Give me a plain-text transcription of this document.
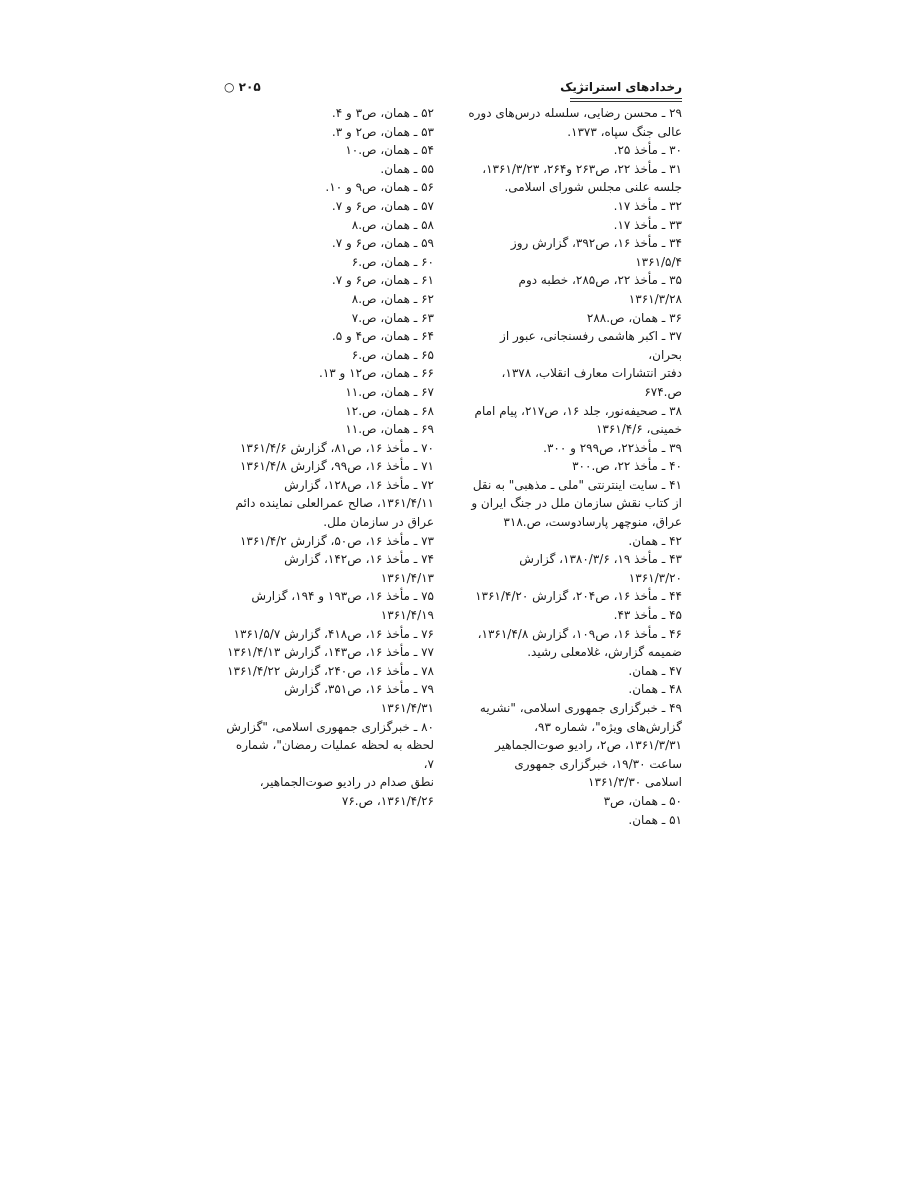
رخدادهای استراتژیک
۲۰۵ ○
۲۹ ـ محسن رضایی، سلسله درس‌های دوره
عالی جنگ سپاه، ۱۳۷۳.
۳۰ ـ مأخذ ۲۵.
۳۱ ـ مأخذ ۲۲، ص۲۶۳ و۲۶۴، ۱۳۶۱/۳/۲۳،
جلسه علنی مجلس شورای اسلامی.
۳۲ ـ مأخذ ۱۷.
۳۳ ـ مأخذ ۱۷.
۳۴ ـ مأخذ ۱۶، ص۳۹۲، گزارش روز ۱۳۶۱/۵/۴
۳۵ ـ مأخذ ۲۲، ص۲۸۵، خطبه دوم
۱۳۶۱/۳/۲۸
۳۶ ـ همان، ص.۲۸۸
۳۷ ـ اکبر هاشمی رفسنجانی، عبور از بحران،
دفتر انتشارات معارف انقلاب، ۱۳۷۸،
ص.۶۷۴
۳۸ ـ صحیفه‌نور، جلد ۱۶، ص۲۱۷، پیام امام
خمینی، ۱۳۶۱/۴/۶
۳۹ ـ مأخذ۲۲، ص۲۹۹ و ۳۰۰.
۴۰ ـ مأخذ ۲۲، ص.۳۰۰
۴۱ ـ سایت اینترنتی "ملی ـ مذهبی" به نقل
از کتاب نقش سازمان ملل در جنگ ایران و
عراق، منوچهر پارسادوست، ص.۳۱۸
۴۲ ـ همان.
۴۳ ـ مأخذ ۱۹، ۱۳۸۰/۳/۶، گزارش
۱۳۶۱/۳/۲۰
۴۴ ـ مأخذ ۱۶، ص۲۰۴، گزارش ۱۳۶۱/۴/۲۰
۴۵ ـ مأخذ ۴۳.
۴۶ ـ مأخذ ۱۶، ص۱۰۹، گزارش ۱۳۶۱/۴/۸،
ضمیمه گزارش، غلامعلی رشید.
۴۷ ـ همان.
۴۸ ـ همان.
۴۹ ـ خبرگزاری جمهوری اسلامی، "نشریه
گزارش‌های ویژه"، شماره ۹۳،
۱۳۶۱/۳/۳۱، ص۲، رادیو صوت‌الجماهیر
ساعت ۱۹/۳۰، خبرگزاری جمهوری
اسلامی ۱۳۶۱/۳/۳۰
۵۰ ـ همان، ص۳
۵۱ ـ همان.
۵۲ ـ همان، ص۳ و ۴.
۵۳ ـ همان، ص۲ و ۳.
۵۴ ـ همان، ص.۱۰
۵۵ ـ همان.
۵۶ ـ همان، ص۹ و ۱۰.
۵۷ ـ همان، ص۶ و ۷.
۵۸ ـ همان، ص.۸
۵۹ ـ همان، ص۶ و ۷.
۶۰ ـ همان، ص.۶
۶۱ ـ همان، ص۶ و ۷.
۶۲ ـ همان، ص.۸
۶۳ ـ همان، ص.۷
۶۴ ـ همان، ص۴ و ۵.
۶۵ ـ همان، ص.۶
۶۶ ـ همان، ص۱۲ و ۱۳.
۶۷ ـ همان، ص.۱۱
۶۸ ـ همان، ص.۱۲
۶۹ ـ همان، ص.۱۱
۷۰ ـ مأخذ ۱۶، ص۸۱، گزارش ۱۳۶۱/۴/۶
۷۱ ـ مأخذ ۱۶، ص۹۹، گزارش ۱۳۶۱/۴/۸
۷۲ ـ مأخذ ۱۶، ص۱۲۸، گزارش
۱۳۶۱/۴/۱۱، صالح عمرالعلی نماینده دائم
عراق در سازمان ملل.
۷۳ ـ مأخذ ۱۶، ص۵۰، گزارش ۱۳۶۱/۴/۲
۷۴ ـ مأخذ ۱۶، ص۱۴۲، گزارش
۱۳۶۱/۴/۱۳
۷۵ ـ مأخذ ۱۶، ص۱۹۳ و ۱۹۴، گزارش
۱۳۶۱/۴/۱۹
۷۶ ـ مأخذ ۱۶، ص۴۱۸، گزارش ۱۳۶۱/۵/۷
۷۷ ـ مأخذ ۱۶، ص۱۴۳، گزارش ۱۳۶۱/۴/۱۳
۷۸ ـ مأخذ ۱۶، ص۲۴۰، گزارش ۱۳۶۱/۴/۲۲
۷۹ ـ مأخذ ۱۶، ص۳۵۱، گزارش
۱۳۶۱/۴/۳۱
۸۰ ـ خبرگزاری جمهوری اسلامی، "گزارش
لحظه به لحظه عملیات رمضان"، شماره ۷،
نطق صدام در رادیو صوت‌الجماهیر،
۱۳۶۱/۴/۲۶، ص.۷۶
